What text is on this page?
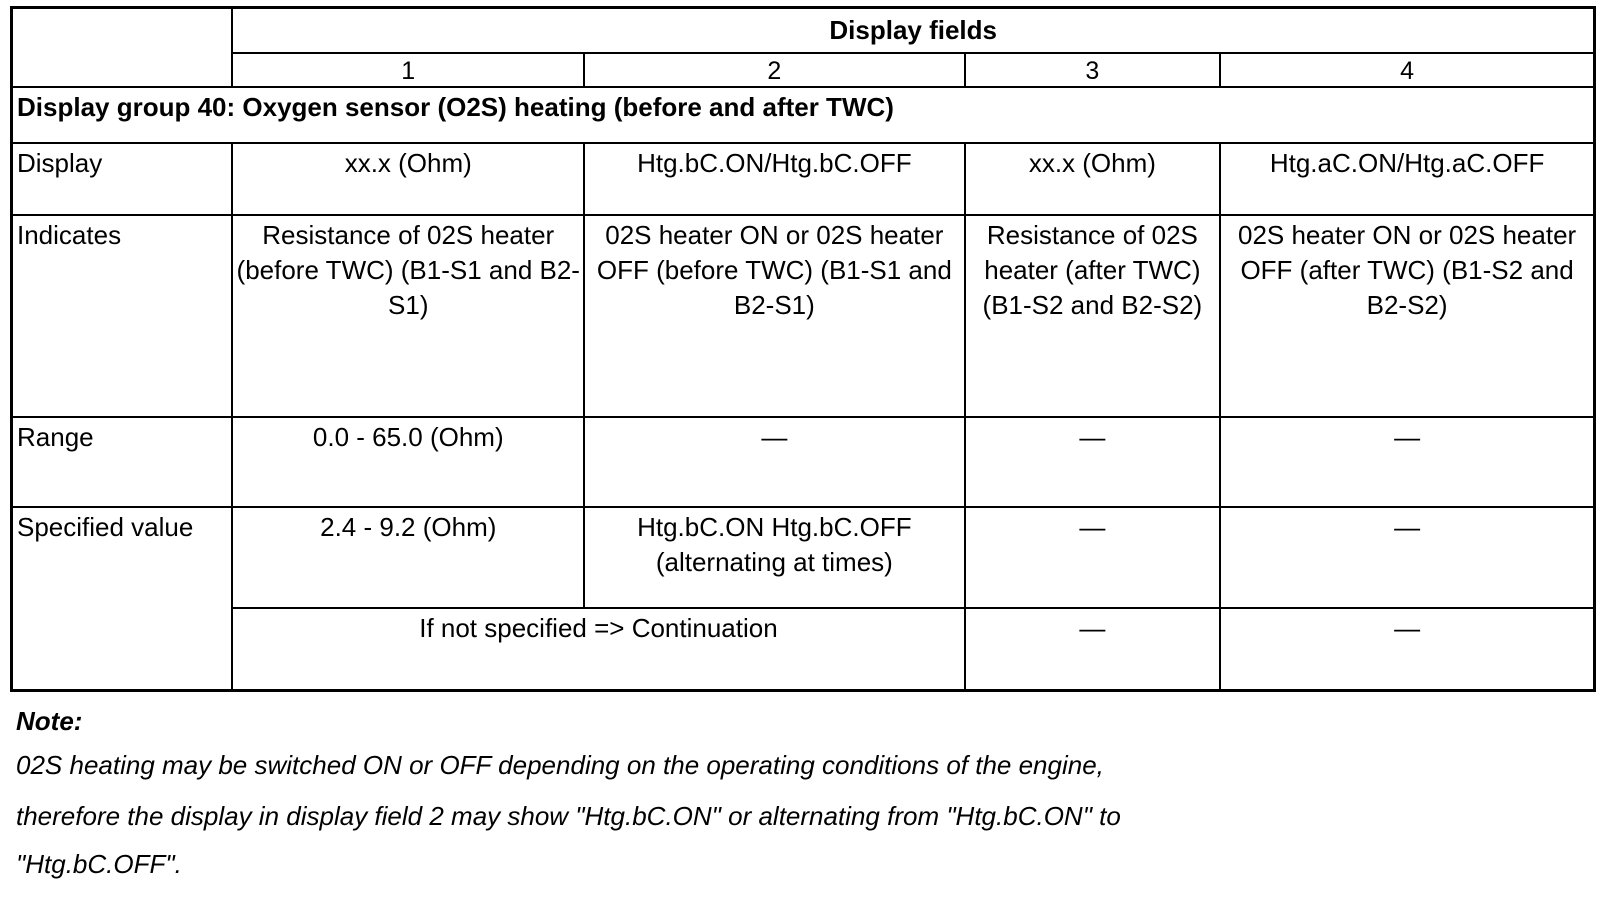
	Display fields			
	1	2	3	4
Display group 40: Oxygen sensor (O2S) heating (before and after TWC)				
Display	xx.x (Ohm)	Htg.bC.ON/Htg.bC.OFF	xx.x (Ohm)	Htg.aC.ON/Htg.aC.OFF
Indicates	Resistance of 02S heater (before TWC) (B1-S1 and B2-S1)	02S heater ON or 02S heater OFF (before TWC) (B1-S1 and B2-S1)	Resistance of 02S heater (after TWC) (B1-S2 and B2-S2)	02S heater ON or 02S heater OFF (after TWC) (B1-S2 and B2-S2)
Range	0.0 - 65.0 (Ohm)	—	—	—
Specified value	2.4 - 9.2 (Ohm)	Htg.bC.ON Htg.bC.OFF (alternating at times)	—	—
	If not specified => Continuation		—	—
Note:
02S heating may be switched ON or OFF depending on the operating conditions of the engine,
therefore the display in display field 2 may show "Htg.bC.ON" or alternating from "Htg.bC.ON" to
"Htg.bC.OFF".
